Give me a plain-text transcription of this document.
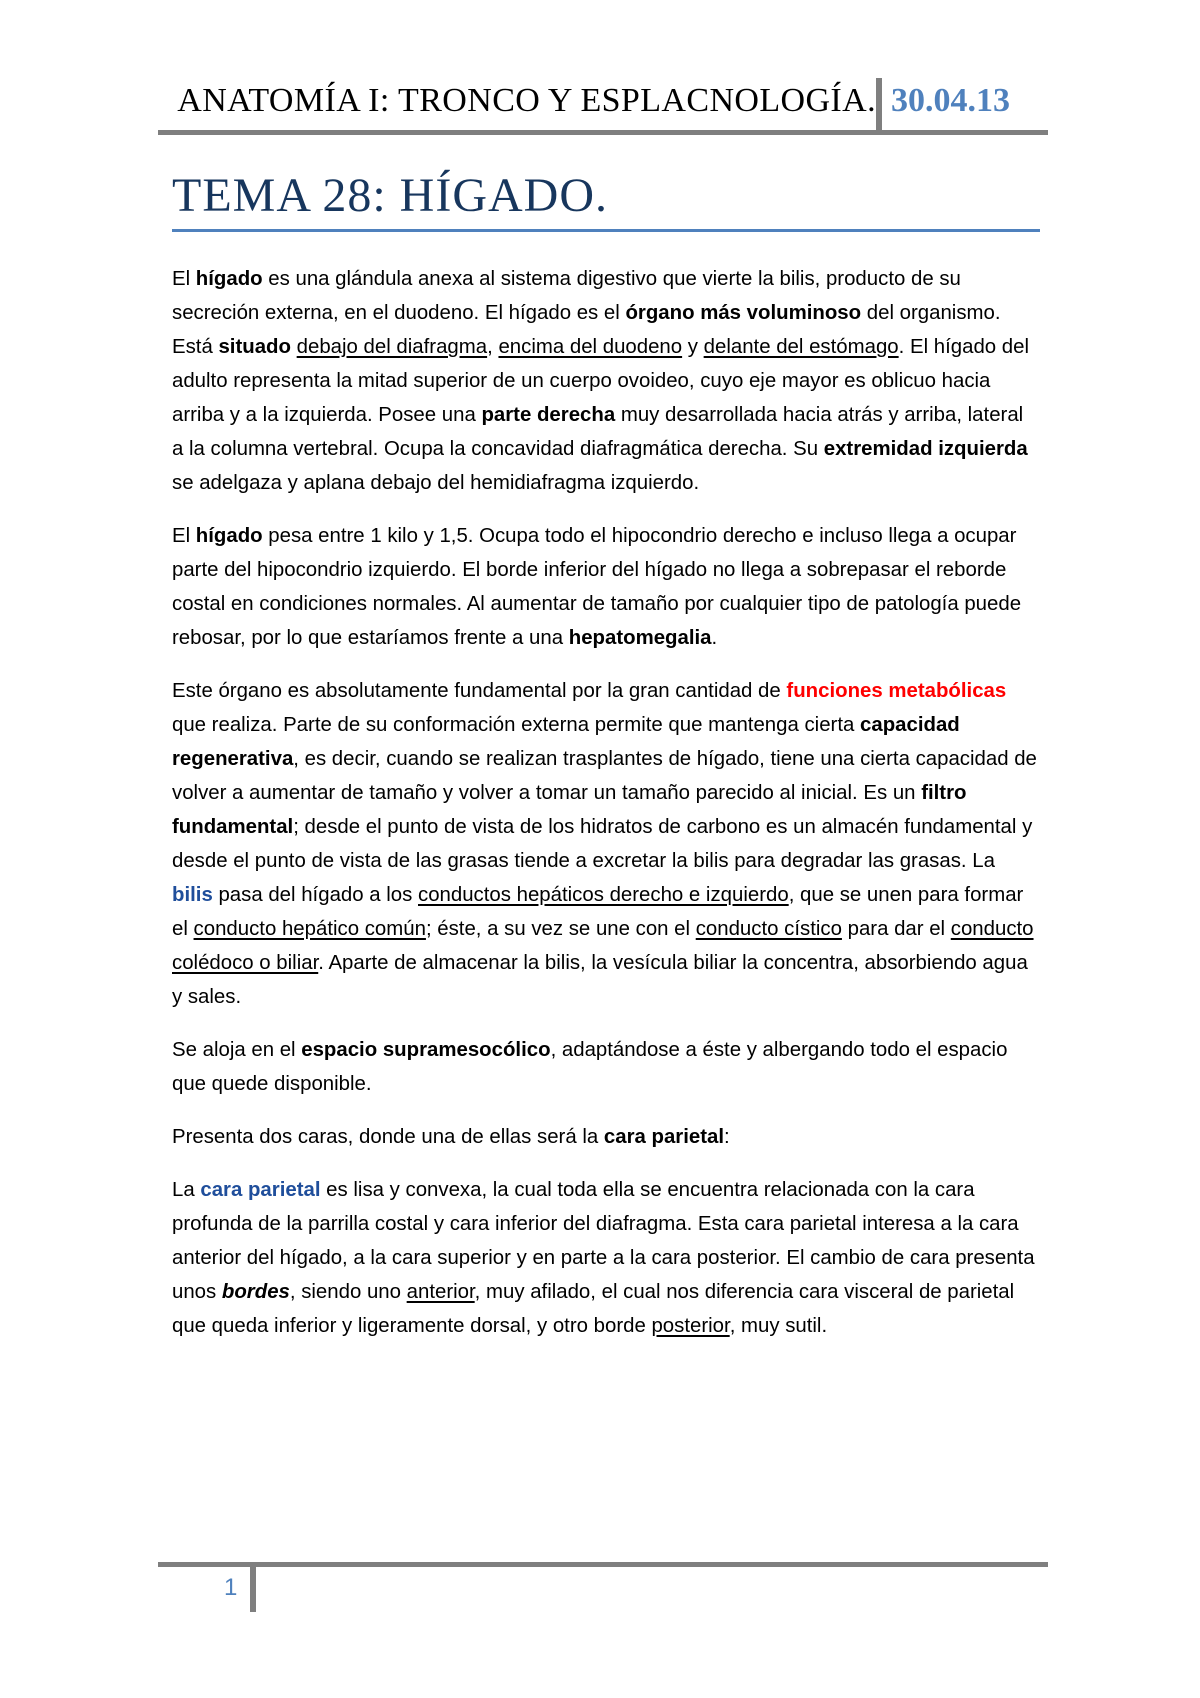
ANATOMÍA I: TRONCO Y ESPLACNOLOGÍA. 30.04.13
TEMA 28: HÍGADO.

El hígado es una glándula anexa al sistema digestivo que vierte la bilis, producto de su secreción externa, en el duodeno. El hígado es el órgano más voluminoso del organismo. Está situado debajo del diafragma, encima del duodeno y delante del estómago. El hígado del adulto representa la mitad superior de un cuerpo ovoideo, cuyo eje mayor es oblicuo hacia arriba y a la izquierda. Posee una parte derecha muy desarrollada hacia atrás y arriba, lateral a la columna vertebral. Ocupa la concavidad diafragmática derecha. Su extremidad izquierda se adelgaza y aplana debajo del hemidiafragma izquierdo.

El hígado pesa entre 1 kilo y 1,5. Ocupa todo el hipocondrio derecho e incluso llega a ocupar parte del hipocondrio izquierdo. El borde inferior del hígado no llega a sobrepasar el reborde costal en condiciones normales. Al aumentar de tamaño por cualquier tipo de patología puede rebosar, por lo que estaríamos frente a una hepatomegalia.

Este órgano es absolutamente fundamental por la gran cantidad de funciones metabólicas que realiza. Parte de su conformación externa permite que mantenga cierta capacidad regenerativa, es decir, cuando se realizan trasplantes de hígado, tiene una cierta capacidad de volver a aumentar de tamaño y volver a tomar un tamaño parecido al inicial. Es un filtro fundamental; desde el punto de vista de los hidratos de carbono es un almacén fundamental y desde el punto de vista de las grasas tiende a excretar la bilis para degradar las grasas. La bilis pasa del hígado a los conductos hepáticos derecho e izquierdo, que se unen para formar el conducto hepático común; éste, a su vez se une con el conducto cístico para dar el conducto colédoco o biliar. Aparte de almacenar la bilis, la vesícula biliar la concentra, absorbiendo agua y sales.

Se aloja en el espacio supramesocólico, adaptándose a éste y albergando todo el espacio que quede disponible.

Presenta dos caras, donde una de ellas será la cara parietal:

La cara parietal es lisa y convexa, la cual toda ella se encuentra relacionada con la cara profunda de la parrilla costal y cara inferior del diafragma. Esta cara parietal interesa a la cara anterior del hígado, a la cara superior y en parte a la cara posterior. El cambio de cara presenta unos bordes, siendo uno anterior, muy afilado, el cual nos diferencia cara visceral de parietal que queda inferior y ligeramente dorsal, y otro borde posterior, muy sutil.

1
